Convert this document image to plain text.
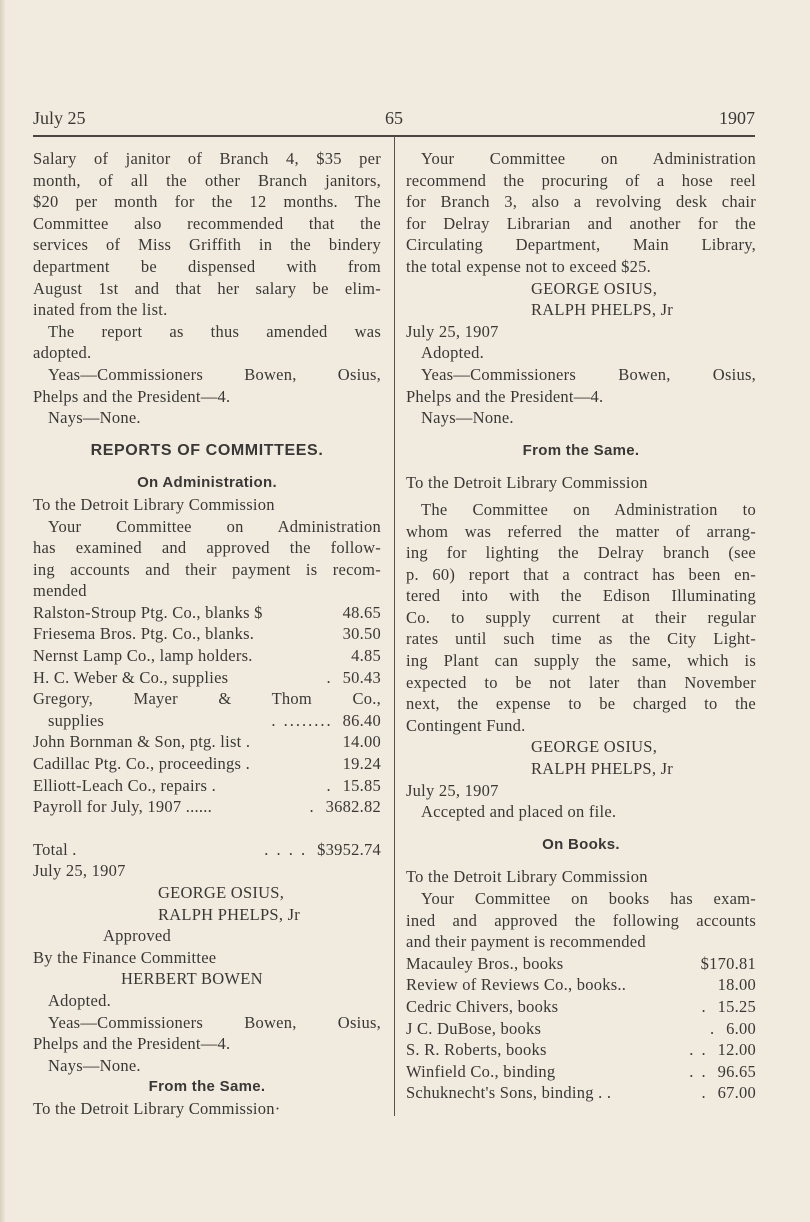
July 25	65	1907
Salary of janitor of Branch 4, $35 per
month, of all the other Branch janitors,
$20 per month for the 12 months. The
Committee also recommended that the
services of Miss Griffith in the bindery
department be dispensed with from
August 1st and that her salary be elim-
inated from the list.
The report as thus amended was
adopted.
Yeas—Commissioners Bowen, Osius,
Phelps and the President—4.
Nays—None.
REPORTS OF COMMITTEES.
On Administration.
To the Detroit Library Commission
Your Committee on Administration
has examined and approved the follow-
ing accounts and their payment is recom-
mended
Ralston-Stroup Ptg. Co., blanks $	48.65
Friesema Bros. Ptg. Co., blanks.	30.50
Nernst Lamp Co., lamp holders.	4.85
H. C. Weber & Co., supplies	. 50.43
Gregory, Mayer & Thom Co.,
supplies	. ........ 86.40
John Bornman & Son, ptg. list .	14.00
Cadillac Ptg. Co., proceedings .	19.24
Elliott-Leach Co., repairs .	. 15.85
Payroll for July, 1907 ......	. 3682.82
Total .	. . . . $3952.74
July 25, 1907
GEORGE OSIUS,
RALPH PHELPS, Jr
Approved
By the Finance Committee
HERBERT BOWEN
Adopted.
Yeas—Commissioners Bowen, Osius,
Phelps and the President—4.
Nays—None.
From the Same.
To the Detroit Library Commission·
Your Committee on Administration
recommend the procuring of a hose reel
for Branch 3, also a revolving desk chair
for Delray Librarian and another for the
Circulating Department, Main Library,
the total expense not to exceed $25.
GEORGE OSIUS,
RALPH PHELPS, Jr
July 25, 1907
Adopted.
Yeas—Commissioners Bowen, Osius,
Phelps and the President—4.
Nays—None.
From the Same.
To the Detroit Library Commission
The Committee on Administration to
whom was referred the matter of arrang-
ing for lighting the Delray branch (see
p. 60) report that a contract has been en-
tered into with the Edison Illuminating
Co. to supply current at their regular
rates until such time as the City Light-
ing Plant can supply the same, which is
expected to be not later than November
next, the expense to be charged to the
Contingent Fund.
GEORGE OSIUS,
RALPH PHELPS, Jr
July 25, 1907
Accepted and placed on file.
On Books.
To the Detroit Library Commission
Your Committee on books has exam-
ined and approved the following accounts
and their payment is recommended
Macauley Bros., books	$170.81
Review of Reviews Co., books..	18.00
Cedric Chivers, books	. 15.25
J C. DuBose, books	. 6.00
S. R. Roberts, books	. . 12.00
Winfield Co., binding	. . 96.65
Schuknecht's Sons, binding . .	. 67.00
